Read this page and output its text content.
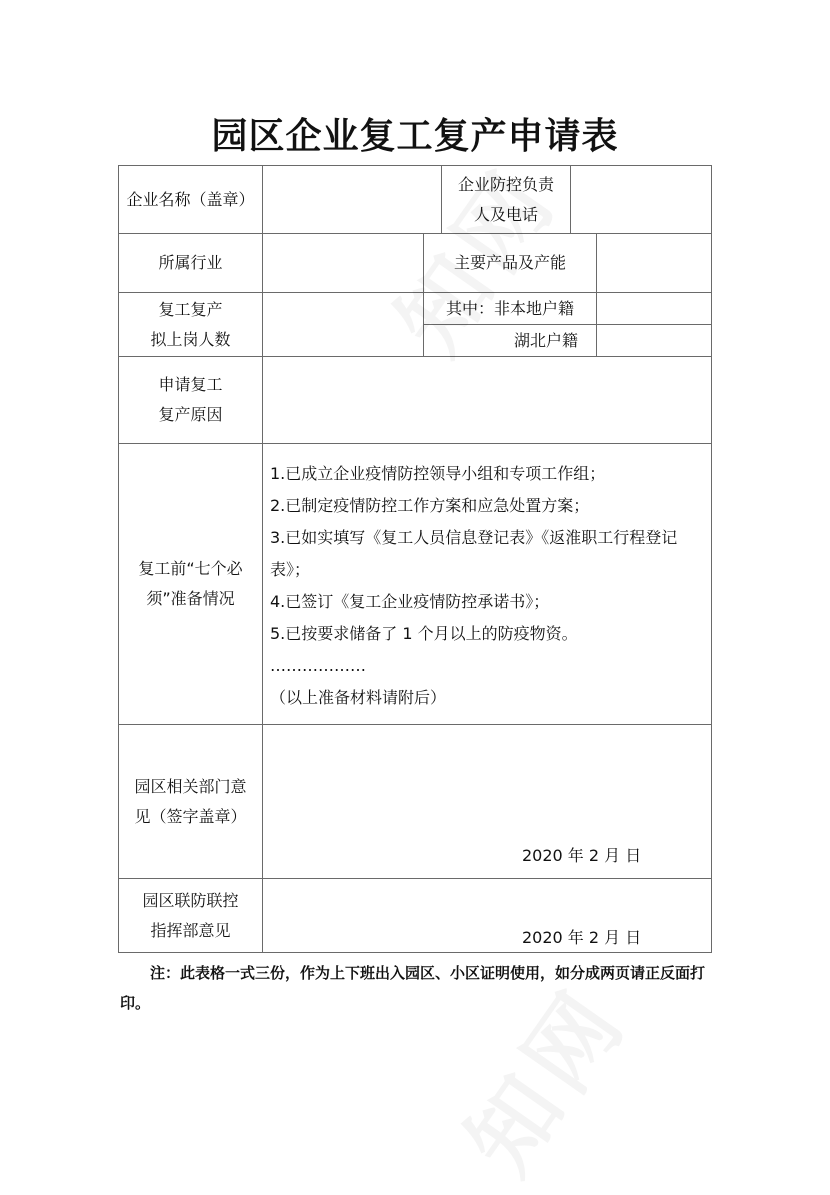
园区企业复工复产申请表
企业名称（盖章）
企业防控负责
人及电话
所属行业	主要产品及产能
复工复产
拟上岗人数
其中：非本地户籍
湖北户籍
申请复工
复产原因
复工前“七个必
须”准备情况
1.已成立企业疫情防控领导小组和专项工作组；
2.已制定疫情防控工作方案和应急处置方案；
3.已如实填写《复工人员信息登记表》《返淮职工行程登记表》；
4.已签订《复工企业疫情防控承诺书》；
5.已按要求储备了 1 个月以上的防疫物资。
………………
（以上准备材料请附后）
园区相关部门意
见（签字盖章）
2020 年 2 月 日
园区联防联控
指挥部意见	2020 年 2 月 日
注：此表格一式三份，作为上下班出入园区、小区证明使用，如分成两页请正反面打印。
